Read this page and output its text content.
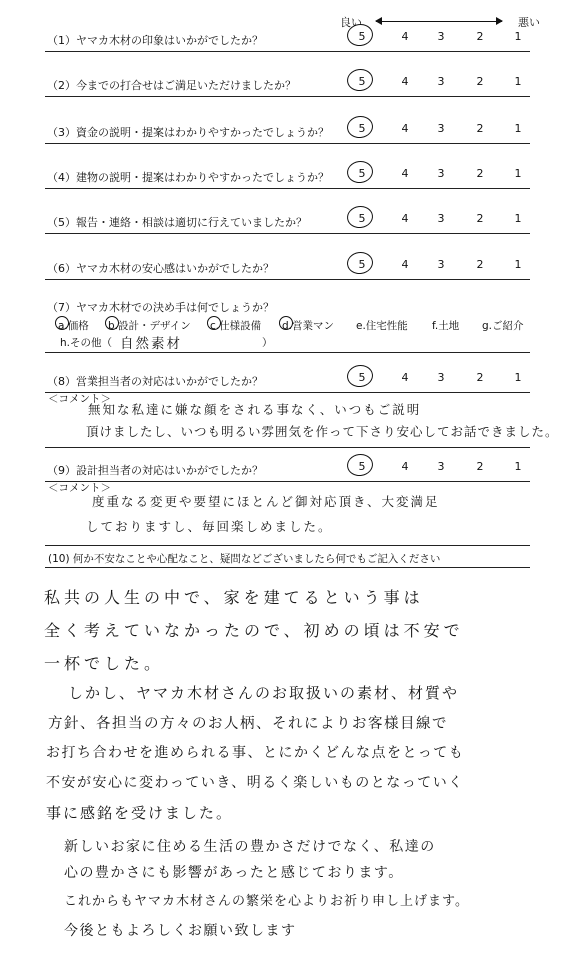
良い	悪い
（1）ヤマカ木材の印象はいかがでしたか？	5	4	3	2	1
（2）今までの打合せはご満足いただけましたか？	5	4	3	2	1
（3）資金の説明・提案はわかりやすかったでしょうか？	5	4	3	2	1
（4）建物の説明・提案はわかりやすかったでしょうか？	5	4	3	2	1
（5）報告・連絡・相談は適切に行えていましたか？	5	4	3	2	1
（6）ヤマカ木材の安心感はいかがでしたか？	5	4	3	2	1
（7）ヤマカ木材での決め手は何でしょうか？
a.価格 b.設計・デザイン c.仕様設備 d.営業マン e.住宅性能 f.土地 g.ご紹介
h.その他（ 自然素材	）
（8）営業担当者の対応はいかがでしたか？	5	4	3	2	1
＜コメント＞
無知な私達に嫌な顔をされる事なく、いつもご説明
頂けましたし、いつも明るい雰囲気を作って下さり安心してお話できました。
（9）設計担当者の対応はいかがでしたか？	5	4	3	2	1
＜コメント＞
度重なる変更や要望にほとんど御対応頂き、大変満足
しておりますし、毎回楽しめました。
(10) 何か不安なことや心配なこと、疑問などございましたら何でもご記入ください
私共の人生の中で、家を建てるという事は
全く考えていなかったので、初めの頃は不安で
一杯でした。
しかし、ヤマカ木材さんのお取扱いの素材、材質や
方針、各担当の方々のお人柄、それによりお客様目線で
お打ち合わせを進められる事、とにかくどんな点をとっても
不安が安心に変わっていき、明るく楽しいものとなっていく
事に感銘を受けました。
新しいお家に住める生活の豊かさだけでなく、私達の
心の豊かさにも影響があったと感じております。
これからもヤマカ木材さんの繁栄を心よりお祈り申し上げます。
今後ともよろしくお願い致します
